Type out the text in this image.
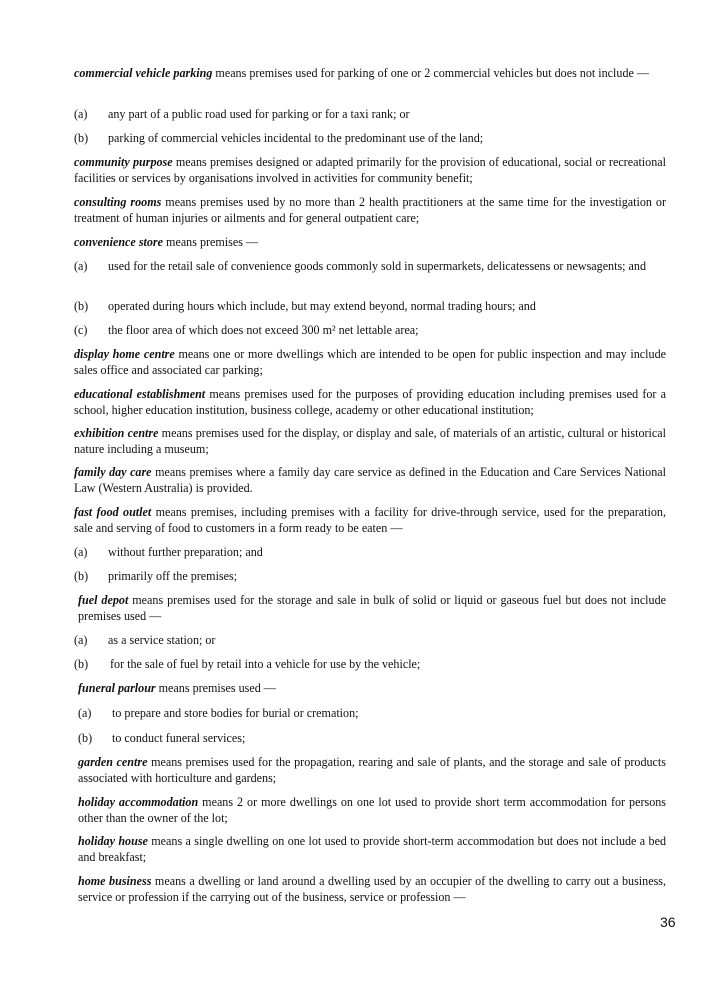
commercial vehicle parking means premises used for parking of one or 2 commercial vehicles but does not include —

(a) any part of a public road used for parking or for a taxi rank; or

(b) parking of commercial vehicles incidental to the predominant use of the land;

community purpose means premises designed or adapted primarily for the provision of educational, social or recreational facilities or services by organisations involved in activities for community benefit;

consulting rooms means premises used by no more than 2 health practitioners at the same time for the investigation or treatment of human injuries or ailments and for general outpatient care;

convenience store means premises —

(a) used for the retail sale of convenience goods commonly sold in supermarkets, delicatessens or newsagents; and

(b) operated during hours which include, but may extend beyond, normal trading hours; and

(c) the floor area of which does not exceed 300 m² net lettable area;

display home centre means one or more dwellings which are intended to be open for public inspection and may include sales office and associated car parking;

educational establishment means premises used for the purposes of providing education including premises used for a school, higher education institution, business college, academy or other educational institution;

exhibition centre means premises used for the display, or display and sale, of materials of an artistic, cultural or historical nature including a museum;

family day care means premises where a family day care service as defined in the Education and Care Services National Law (Western Australia) is provided.

fast food outlet means premises, including premises with a facility for drive-through service, used for the preparation, sale and serving of food to customers in a form ready to be eaten —

(a) without further preparation; and

(b) primarily off the premises;

fuel depot means premises used for the storage and sale in bulk of solid or liquid or gaseous fuel but does not include premises used —

(a) as a service station; or

(b) for the sale of fuel by retail into a vehicle for use by the vehicle;

funeral parlour means premises used —

(a) to prepare and store bodies for burial or cremation;

(b) to conduct funeral services;

garden centre means premises used for the propagation, rearing and sale of plants, and the storage and sale of products associated with horticulture and gardens;

holiday accommodation means 2 or more dwellings on one lot used to provide short term accommodation for persons other than the owner of the lot;

holiday house means a single dwelling on one lot used to provide short-term accommodation but does not include a bed and breakfast;

home business means a dwelling or land around a dwelling used by an occupier of the dwelling to carry out a business, service or profession if the carrying out of the business, service or profession —

36
